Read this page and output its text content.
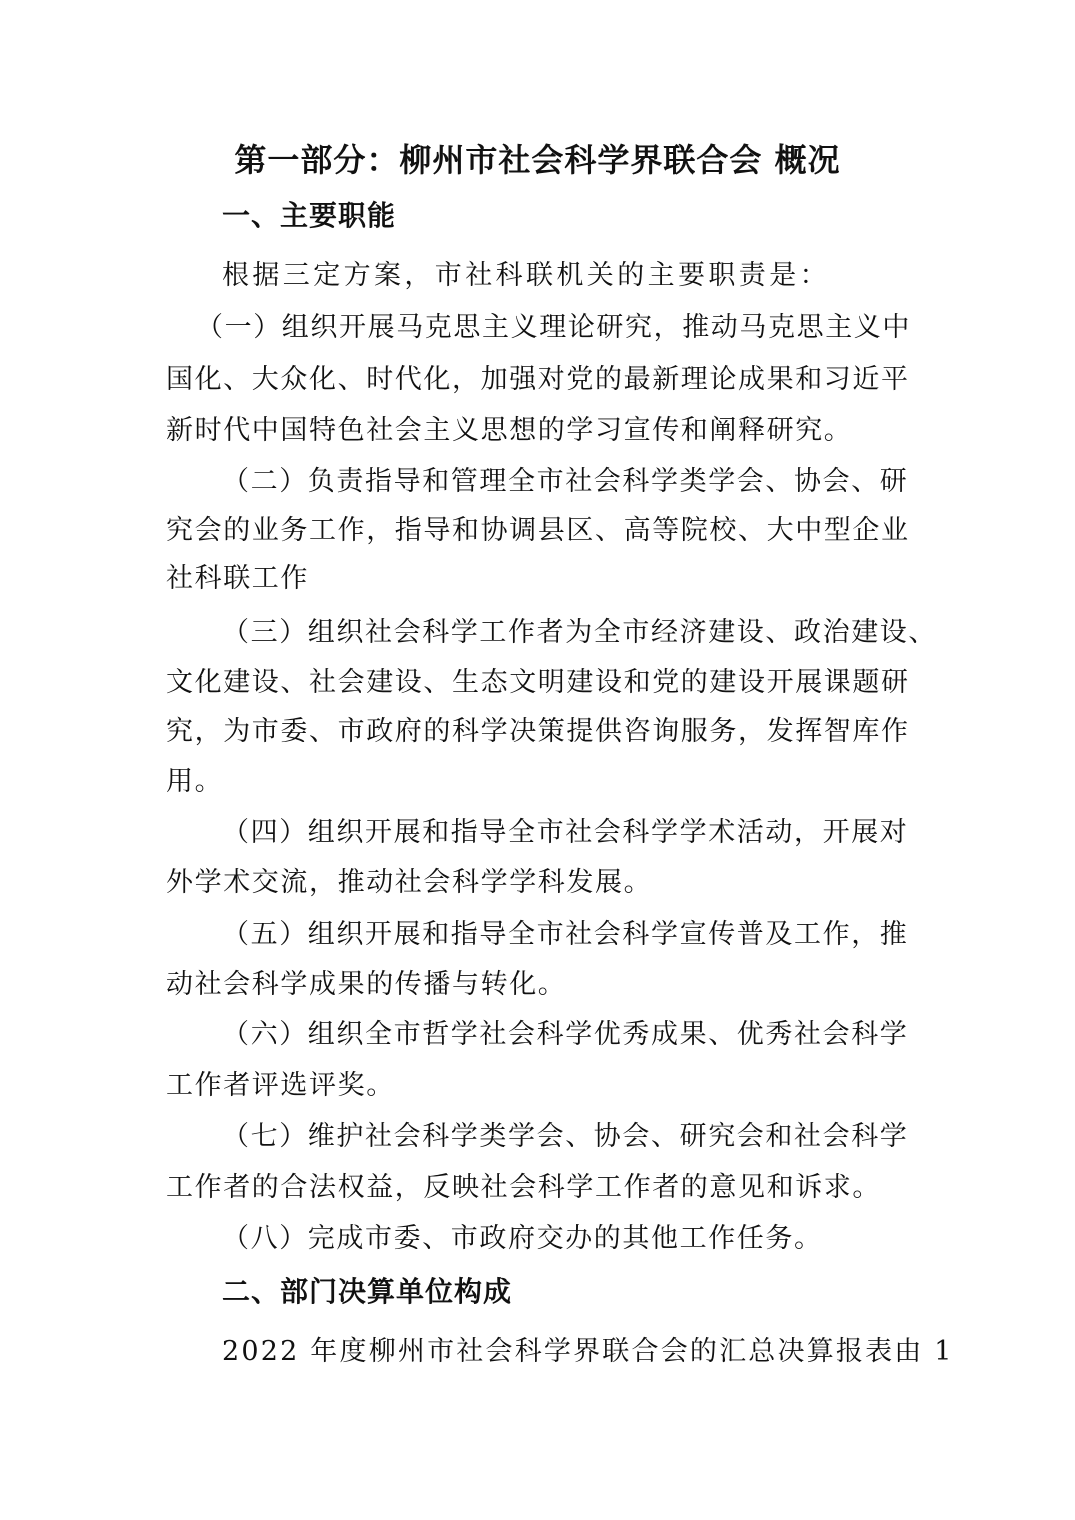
第一部分：柳州市社会科学界联合会 概况
一、主要职能
根据三定方案，市社科联机关的主要职责是：
（一）组织开展马克思主义理论研究，推动马克思主义中
国化、大众化、时代化，加强对党的最新理论成果和习近平
新时代中国特色社会主义思想的学习宣传和阐释研究。
（二）负责指导和管理全市社会科学类学会、协会、研
究会的业务工作，指导和协调县区、高等院校、大中型企业
社科联工作
（三）组织社会科学工作者为全市经济建设、政治建设、
文化建设、社会建设、生态文明建设和党的建设开展课题研
究，为市委、市政府的科学决策提供咨询服务，发挥智库作
用。
（四）组织开展和指导全市社会科学学术活动，开展对
外学术交流，推动社会科学学科发展。
（五）组织开展和指导全市社会科学宣传普及工作，推
动社会科学成果的传播与转化。
（六）组织全市哲学社会科学优秀成果、优秀社会科学
工作者评选评奖。
（七）维护社会科学类学会、协会、研究会和社会科学
工作者的合法权益，反映社会科学工作者的意见和诉求。
（八）完成市委、市政府交办的其他工作任务。
二、部门决算单位构成
2022 年度柳州市社会科学界联合会的汇总决算报表由 1
